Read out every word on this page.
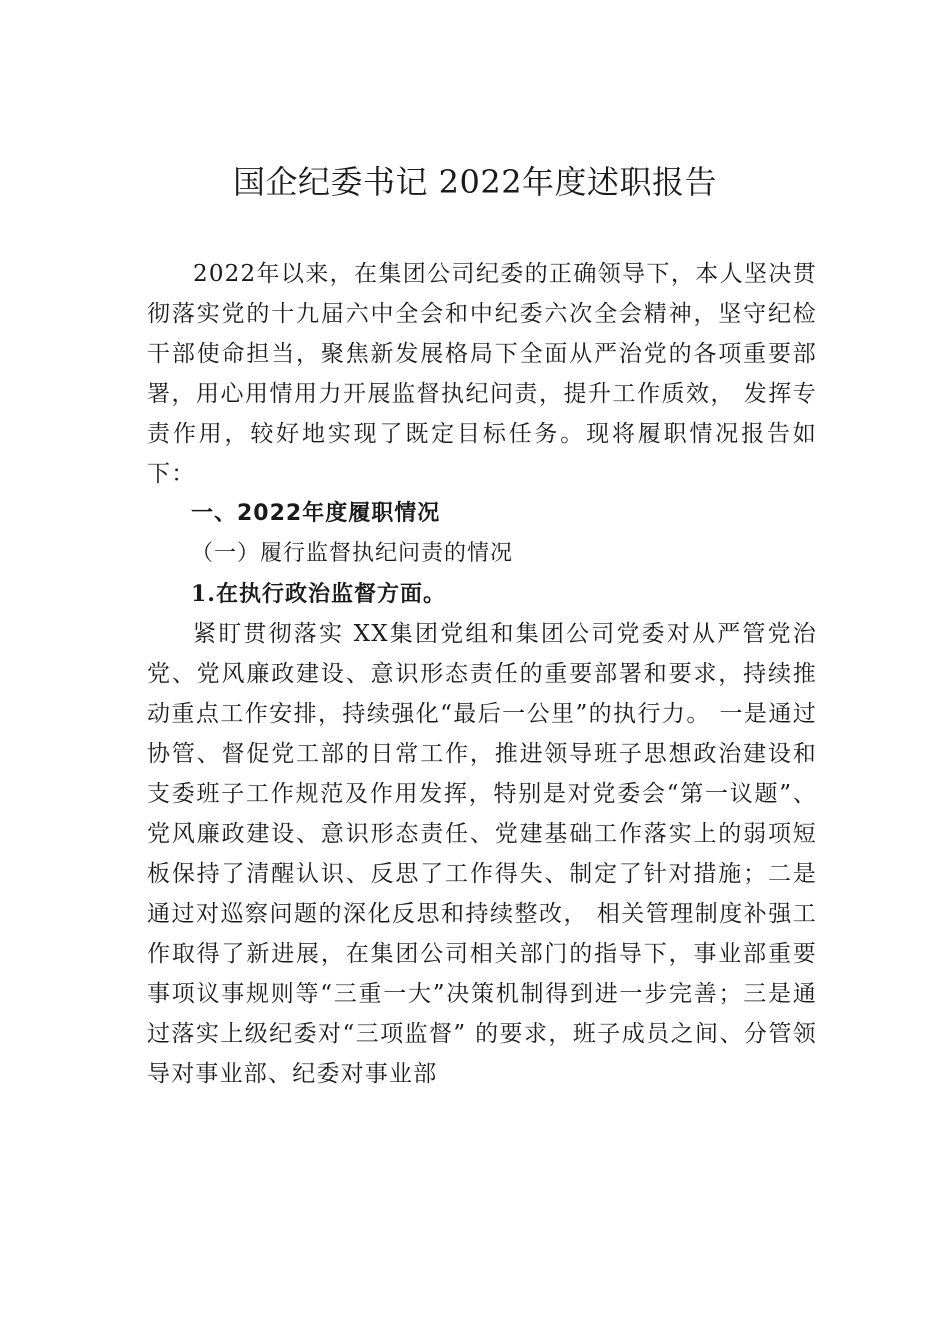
国企纪委书记 2022年度述职报告

2022年以来，在集团公司纪委的正确领导下，本人坚决贯彻落实党的十九届六中全会和中纪委六次全会精神，坚守纪检干部使命担当，聚焦新发展格局下全面从严治党的各项重要部署，用心用情用力开展监督执纪问责，提升工作质效， 发挥专责作用，较好地实现了既定目标任务。现将履职情况报告如下：

一、2022年度履职情况

（一）履行监督执纪问责的情况

1.在执行政治监督方面。

紧盯贯彻落实 XX集团党组和集团公司党委对从严管党治党、党风廉政建设、意识形态责任的重要部署和要求，持续推动重点工作安排，持续强化“最后一公里”的执行力。 一是通过协管、督促党工部的日常工作，推进领导班子思想政治建设和支委班子工作规范及作用发挥，特别是对党委会“第一议题”、党风廉政建设、意识形态责任、党建基础工作落实上的弱项短板保持了清醒认识、反思了工作得失、制定了针对措施；二是通过对巡察问题的深化反思和持续整改， 相关管理制度补强工作取得了新进展，在集团公司相关部门的指导下，事业部重要事项议事规则等“三重一大”决策机制得到进一步完善；三是通过落实上级纪委对“三项监督” 的要求，班子成员之间、分管领导对事业部、纪委对事业部
